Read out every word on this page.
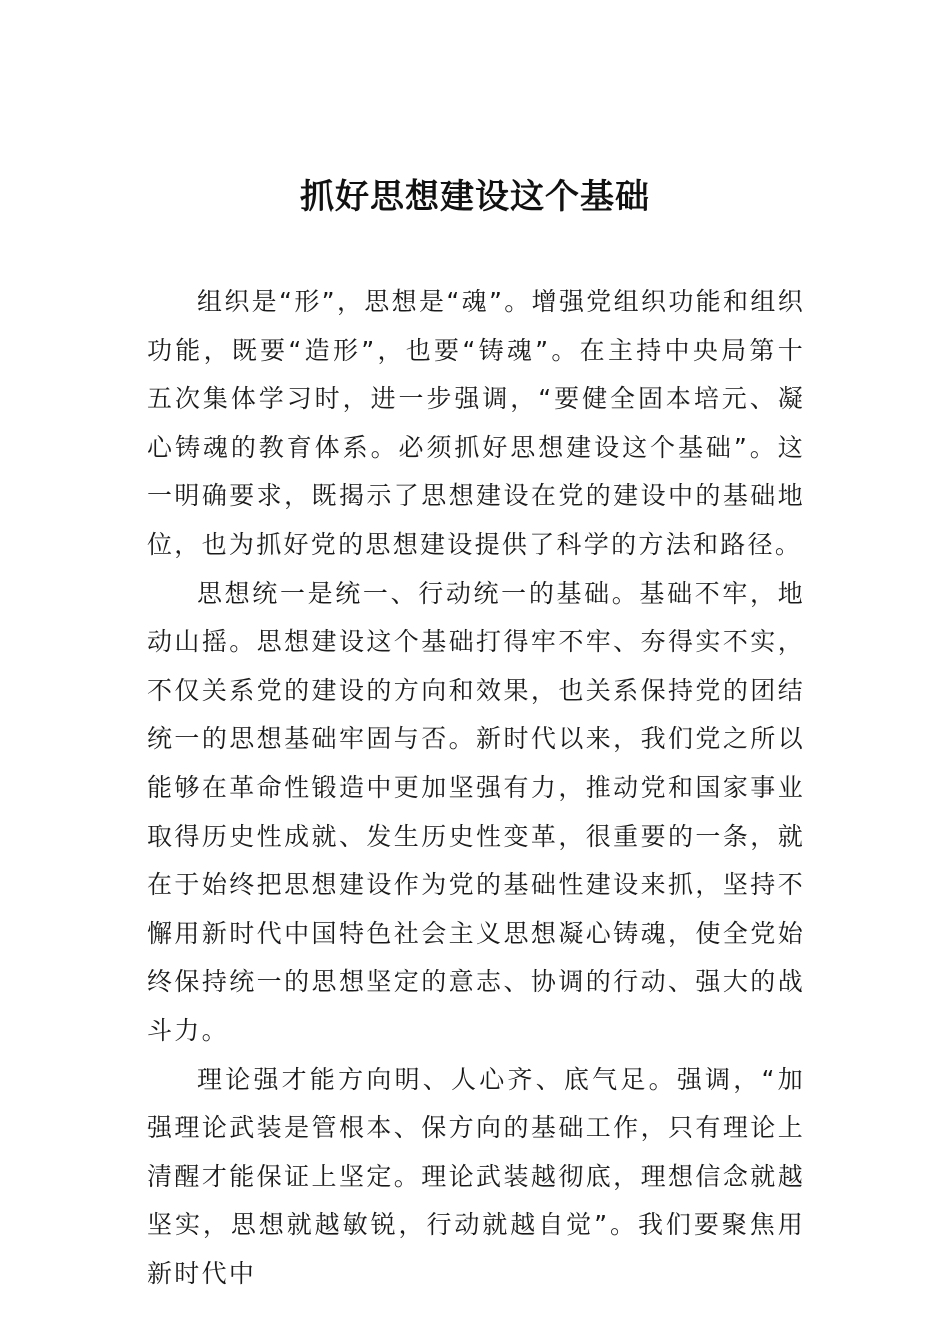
抓好思想建设这个基础

组织是“形”，思想是“魂”。增强党组织功能和组织功能，既要“造形”，也要“铸魂”。在主持中央局第十五次集体学习时，进一步强调，“要健全固本培元、凝心铸魂的教育体系。必须抓好思想建设这个基础”。这一明确要求，既揭示了思想建设在党的建设中的基础地位，也为抓好党的思想建设提供了科学的方法和路径。

思想统一是统一、行动统一的基础。基础不牢，地动山摇。思想建设这个基础打得牢不牢、夯得实不实，不仅关系党的建设的方向和效果，也关系保持党的团结统一的思想基础牢固与否。新时代以来，我们党之所以能够在革命性锻造中更加坚强有力，推动党和国家事业取得历史性成就、发生历史性变革，很重要的一条，就在于始终把思想建设作为党的基础性建设来抓，坚持不懈用新时代中国特色社会主义思想凝心铸魂，使全党始终保持统一的思想坚定的意志、协调的行动、强大的战斗力。

理论强才能方向明、人心齐、底气足。强调，“加强理论武装是管根本、保方向的基础工作，只有理论上清醒才能保证上坚定。理论武装越彻底，理想信念就越坚实，思想就越敏锐，行动就越自觉”。我们要聚焦用新时代中
